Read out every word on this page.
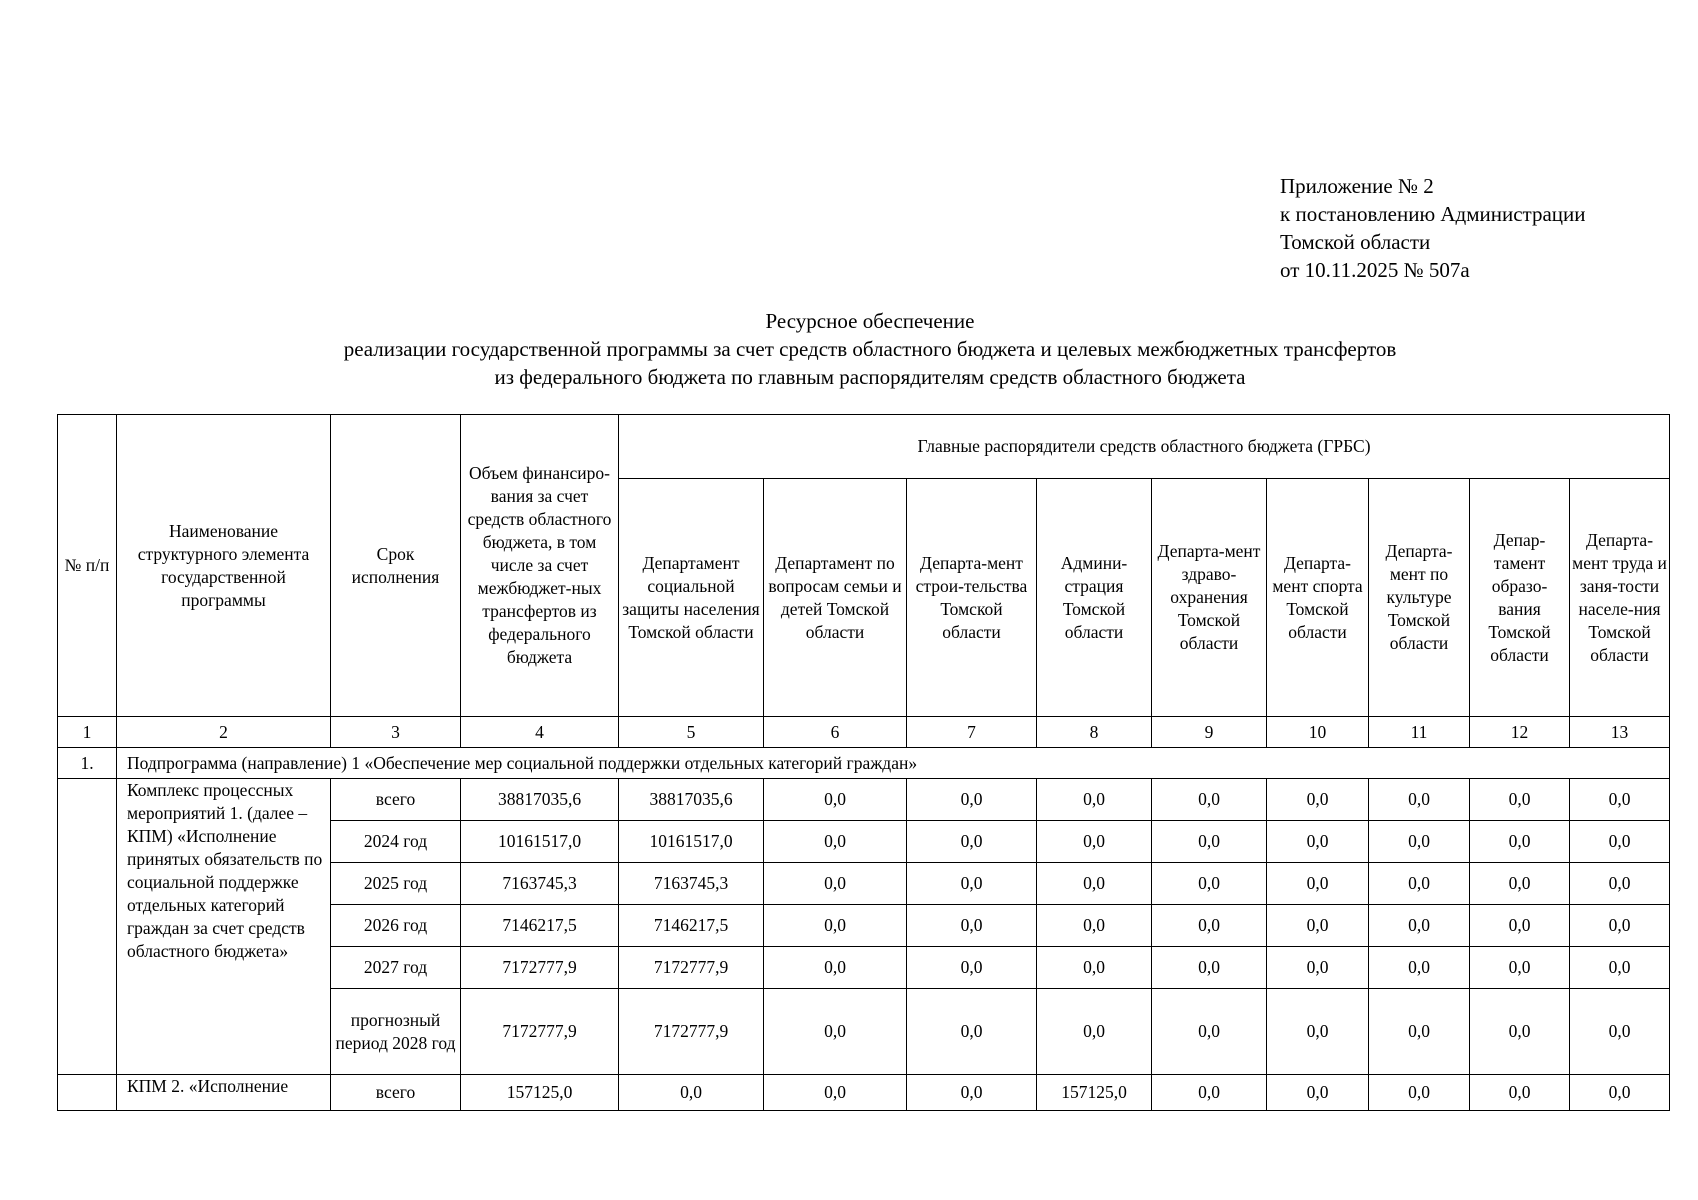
Приложение № 2
к постановлению Администрации
Томской области
от 10.11.2025 № 507а
Ресурсное обеспечение
реализации государственной программы за счет средств областного бюджета и целевых межбюджетных трансфертов
из федерального бюджета по главным распорядителям средств областного бюджета
№ п/п	Наименование структурного элемента государственной программы	Срок исполнения	Объем финансиро-вания за счет средств областного бюджета, в том числе за счет межбюджет-ных трансфертов из федерального бюджета	Главные распорядители средств областного бюджета (ГРБС)								
				Департамент социальной защиты населения Томской области	Департамент по вопросам семьи и детей Томской области	Департа-мент строи-тельства Томской области	Админи-страция Томской области	Департа-мент здраво-охранения Томской области	Департа-мент спорта Томской области	Департа-мент по культуре Томской области	Депар-тамент образо-вания Томской области	Департа-мент труда и заня-тости населе-ния Томской области
1	2	3	4	5	6	7	8	9	10	11	12	13
1.	Подпрограмма (направление) 1 «Обеспечение мер социальной поддержки отдельных категорий граждан»											
	Комплекс процессных мероприятий 1. (далее – КПМ) «Исполнение принятых обязательств по социальной поддержке отдельных категорий граждан за счет средств областного бюджета»	всего	38817035,6	38817035,6	0,0	0,0	0,0	0,0	0,0	0,0	0,0	0,0
		2024 год	10161517,0	10161517,0	0,0	0,0	0,0	0,0	0,0	0,0	0,0	0,0
		2025 год	7163745,3	7163745,3	0,0	0,0	0,0	0,0	0,0	0,0	0,0	0,0
		2026 год	7146217,5	7146217,5	0,0	0,0	0,0	0,0	0,0	0,0	0,0	0,0
		2027 год	7172777,9	7172777,9	0,0	0,0	0,0	0,0	0,0	0,0	0,0	0,0
		прогнозный период 2028 год	7172777,9	7172777,9	0,0	0,0	0,0	0,0	0,0	0,0	0,0	0,0
	КПМ 2. «Исполнение	всего	157125,0	0,0	0,0	0,0	157125,0	0,0	0,0	0,0	0,0	0,0
